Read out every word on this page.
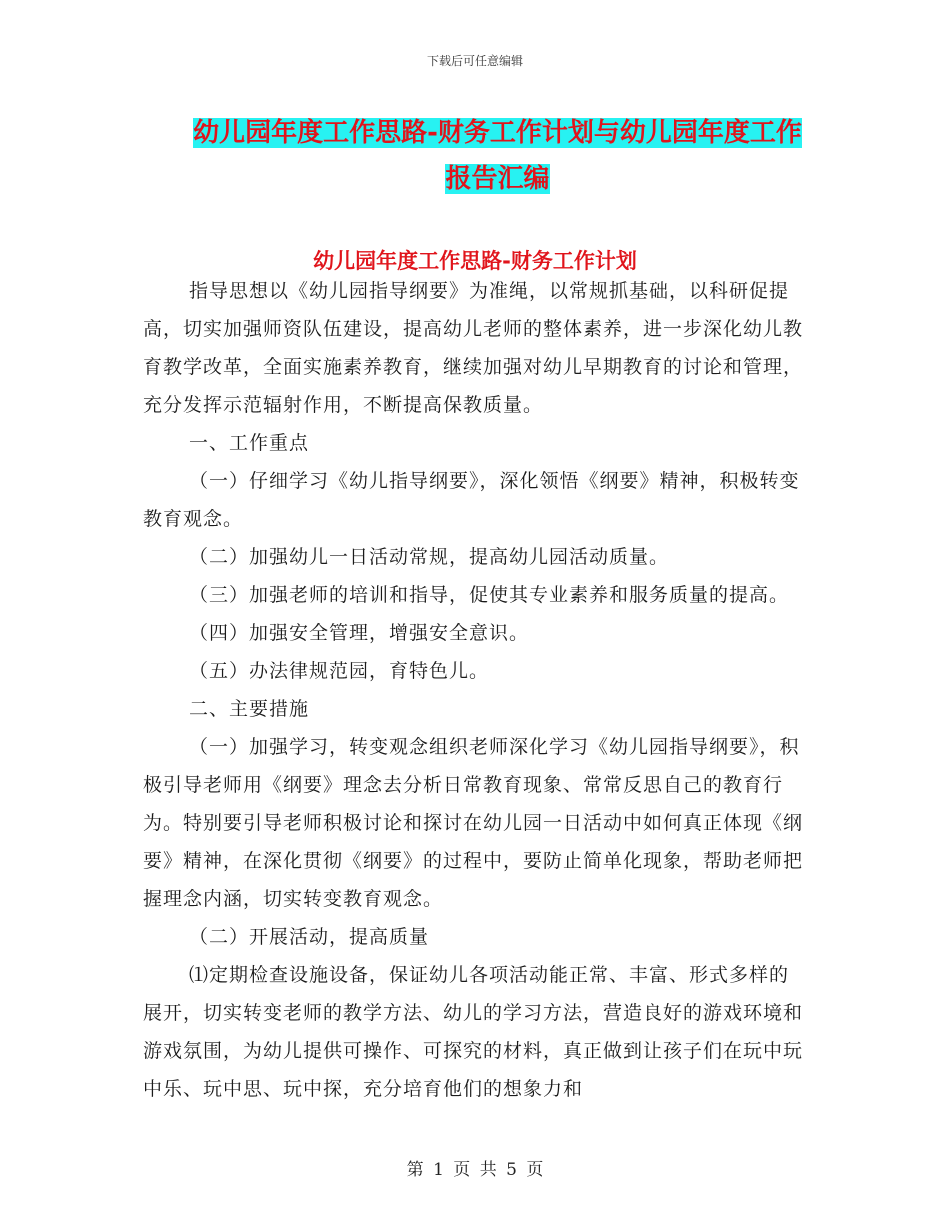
下载后可任意编辑
幼儿园年度工作思路-财务工作计划与幼儿园年度工作报告汇编
幼儿园年度工作思路-财务工作计划

指导思想以《幼儿园指导纲要》为准绳，以常规抓基础，以科研促提高，切实加强师资队伍建设，提高幼儿老师的整体素养，进一步深化幼儿教育教学改革，全面实施素养教育，继续加强对幼儿早期教育的讨论和管理，充分发挥示范辐射作用，不断提高保教质量。

一、工作重点

（一）仔细学习《幼儿指导纲要》，深化领悟《纲要》精神，积极转变教育观念。

（二）加强幼儿一日活动常规，提高幼儿园活动质量。

（三）加强老师的培训和指导，促使其专业素养和服务质量的提高。

（四）加强安全管理，增强安全意识。

（五）办法律规范园，育特色儿。

二、主要措施

（一）加强学习，转变观念组织老师深化学习《幼儿园指导纲要》，积极引导老师用《纲要》理念去分析日常教育现象、常常反思自己的教育行为。特别要引导老师积极讨论和探讨在幼儿园一日活动中如何真正体现《纲要》精神，在深化贯彻《纲要》的过程中，要防止简单化现象，帮助老师把握理念内涵，切实转变教育观念。

（二）开展活动，提高质量

⑴定期检查设施设备，保证幼儿各项活动能正常、丰富、形式多样的展开，切实转变老师的教学方法、幼儿的学习方法，营造良好的游戏环境和游戏氛围，为幼儿提供可操作、可探究的材料，真正做到让孩子们在玩中玩中乐、玩中思、玩中探，充分培育他们的想象力和

第 1 页 共 5 页
